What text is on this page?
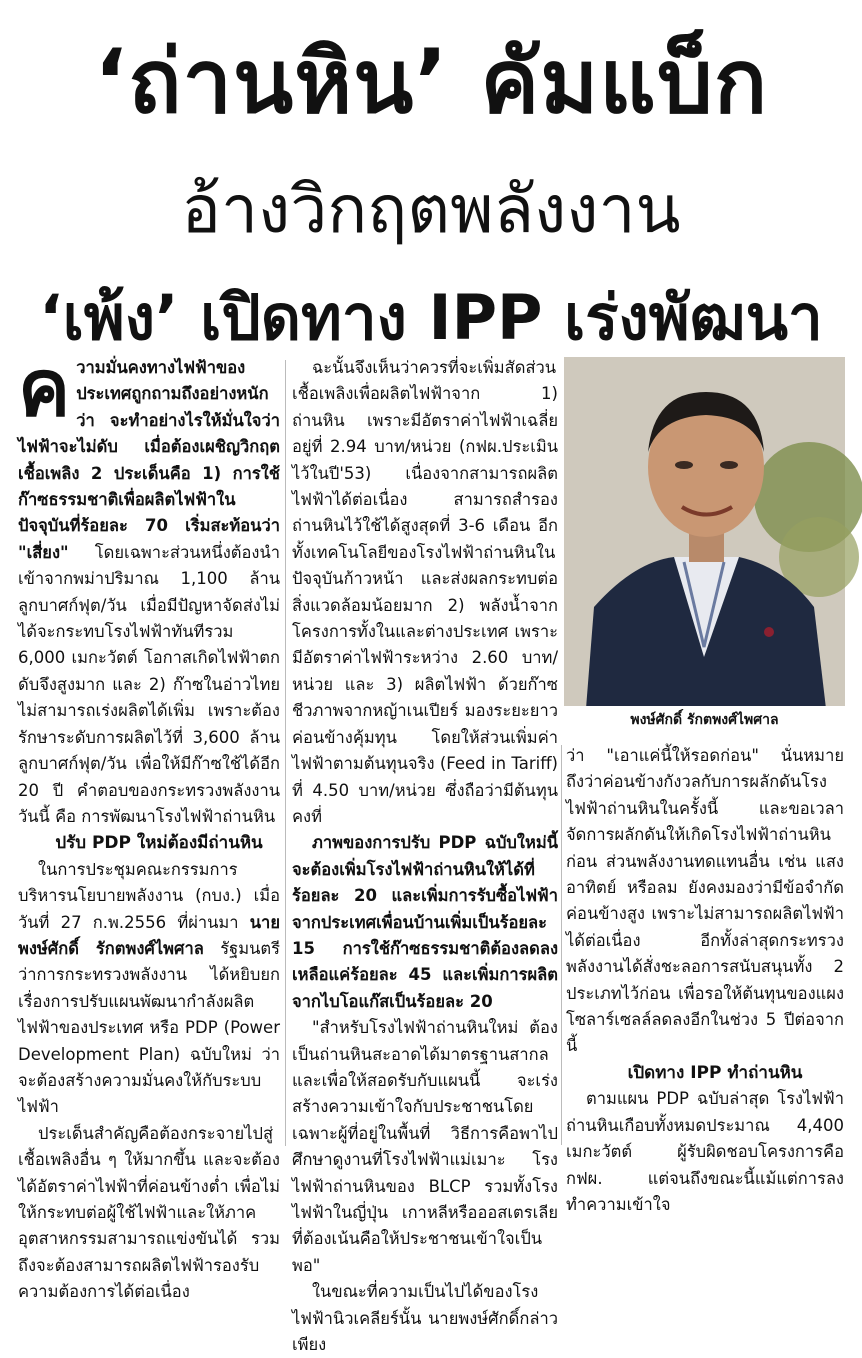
‘ถ่านหิน’ คัมแบ็ก
อ้างวิกฤตพลังงาน
‘เพ้ง’ เปิดทาง IPP เร่งพัฒนา

ความมั่นคงทางไฟฟ้าของประเทศถูกถามถึงอย่างหนักว่า จะทำอย่างไรให้มั่นใจว่าไฟฟ้าจะไม่ดับ เมื่อต้องเผชิญวิกฤตเชื้อเพลิง 2 ประเด็นคือ 1) การใช้ก๊าซธรรมชาติเพื่อผลิตไฟฟ้าในปัจจุบันที่ร้อยละ 70 เริ่มสะท้อนว่า "เสี่ยง" โดยเฉพาะส่วนหนึ่งต้องนำเข้าจากพม่าปริมาณ 1,100 ล้านลูกบาศก์ฟุต/วัน เมื่อมีปัญหาจัดส่งไม่ได้จะกระทบโรงไฟฟ้าทันทีรวม 6,000 เมกะวัตต์ โอกาสเกิดไฟฟ้าตกดับจึงสูงมาก และ 2) ก๊าซในอ่าวไทยไม่สามารถเร่งผลิตได้เพิ่ม เพราะต้องรักษาระดับการผลิตไว้ที่ 3,600 ล้านลูกบาศก์ฟุต/วัน เพื่อให้มีก๊าซใช้ได้อีก 20 ปี คำตอบของกระทรวงพลังงานวันนี้ คือ การพัฒนาโรงไฟฟ้าถ่านหิน

ปรับ PDP ใหม่ต้องมีถ่านหิน

ในการประชุมคณะกรรมการบริหารนโยบายพลังงาน (กบง.) เมื่อวันที่ 27 ก.พ.2556 ที่ผ่านมา นายพงษ์ศักดิ์ รักตพงศ์ไพศาล รัฐมนตรีว่าการกระทรวงพลังงาน ได้หยิบยกเรื่องการปรับแผนพัฒนากำลังผลิตไฟฟ้าของประเทศ หรือ PDP (Power Development Plan) ฉบับใหม่ ว่าจะต้องสร้างความมั่นคงให้กับระบบไฟฟ้า

ประเด็นสำคัญคือต้องกระจายไปสู่เชื้อเพลิงอื่น ๆ ให้มากขึ้น และจะต้องได้อัตราค่าไฟฟ้าที่ค่อนข้างต่ำ เพื่อไม่ให้กระทบต่อผู้ใช้ไฟฟ้าและให้ภาคอุตสาหกรรมสามารถแข่งขันได้ รวมถึงจะต้องสามารถผลิตไฟฟ้ารองรับความต้องการได้ต่อเนื่อง

ฉะนั้นจึงเห็นว่าควรที่จะเพิ่มสัดส่วนเชื้อเพลิงเพื่อผลิตไฟฟ้าจาก 1) ถ่านหิน เพราะมีอัตราค่าไฟฟ้าเฉลี่ยอยู่ที่ 2.94 บาท/หน่วย (กฟผ.ประเมินไว้ในปี'53) เนื่องจากสามารถผลิตไฟฟ้าได้ต่อเนื่อง สามารถสำรองถ่านหินไว้ใช้ได้สูงสุดที่ 3-6 เดือน อีกทั้งเทคโนโลยีของโรงไฟฟ้าถ่านหินในปัจจุบันก้าวหน้า และส่งผลกระทบต่อสิ่งแวดล้อมน้อยมาก 2) พลังน้ำจากโครงการทั้งในและต่างประเทศ เพราะมีอัตราค่าไฟฟ้าระหว่าง 2.60 บาท/หน่วย และ 3) ผลิตไฟฟ้า ด้วยก๊าซชีวภาพจากหญ้าเนเปียร์ มองระยะยาวค่อนข้างคุ้มทุน โดยให้ส่วนเพิ่มค่าไฟฟ้าตามต้นทุนจริง (Feed in Tariff) ที่ 4.50 บาท/หน่วย ซึ่งถือว่ามีต้นทุนคงที่

ภาพของการปรับ PDP ฉบับใหม่นี้จะต้องเพิ่มโรงไฟฟ้าถ่านหินให้ได้ที่ร้อยละ 20 และเพิ่มการรับซื้อไฟฟ้าจากประเทศเพื่อนบ้านเพิ่มเป็นร้อยละ 15 การใช้ก๊าซธรรมชาติต้องลดลงเหลือแค่ร้อยละ 45 และเพิ่มการผลิตจากไบโอแก๊สเป็นร้อยละ 20

"สำหรับโรงไฟฟ้าถ่านหินใหม่ ต้องเป็นถ่านหินสะอาดได้มาตรฐานสากล และเพื่อให้สอดรับกับแผนนี้ จะเร่งสร้างความเข้าใจกับประชาชนโดยเฉพาะผู้ที่อยู่ในพื้นที่ วิธีการคือพาไปศึกษาดูงานที่โรงไฟฟ้าแม่เมาะ โรงไฟฟ้าถ่านหินของ BLCP รวมทั้งโรงไฟฟ้าในญี่ปุ่น เกาหลีหรือออสเตรเลีย ที่ต้องเน้นคือให้ประชาชนเข้าใจเป็นพอ"

ในขณะที่ความเป็นไปได้ของโรงไฟฟ้านิวเคลียร์นั้น นายพงษ์ศักดิ์กล่าวเพียง

พงษ์ศักดิ์ รักตพงศ์ไพศาล

ว่า "เอาแค่นี้ให้รอดก่อน" นั่นหมายถึงว่าค่อนข้างกังวลกับการผลักดันโรงไฟฟ้าถ่านหินในครั้งนี้ และขอเวลาจัดการผลักดันให้เกิดโรงไฟฟ้าถ่านหินก่อน ส่วนพลังงานทดแทนอื่น เช่น แสงอาทิตย์ หรือลม ยังคงมองว่ามีข้อจำกัดค่อนข้างสูง เพราะไม่สามารถผลิตไฟฟ้าได้ต่อเนื่อง อีกทั้งล่าสุดกระทรวงพลังงานได้สั่งชะลอการสนับสนุนทั้ง 2 ประเภทไว้ก่อน เพื่อรอให้ต้นทุนของแผงโซลาร์เซลล์ลดลงอีกในช่วง 5 ปีต่อจากนี้

เปิดทาง IPP ทำถ่านหิน

ตามแผน PDP ฉบับล่าสุด โรงไฟฟ้าถ่านหินเกือบทั้งหมดประมาณ 4,400 เมกะวัตต์ ผู้รับผิดชอบโครงการคือ กฟผ. แต่จนถึงขณะนี้แม้แต่การลงทำความเข้าใจ
